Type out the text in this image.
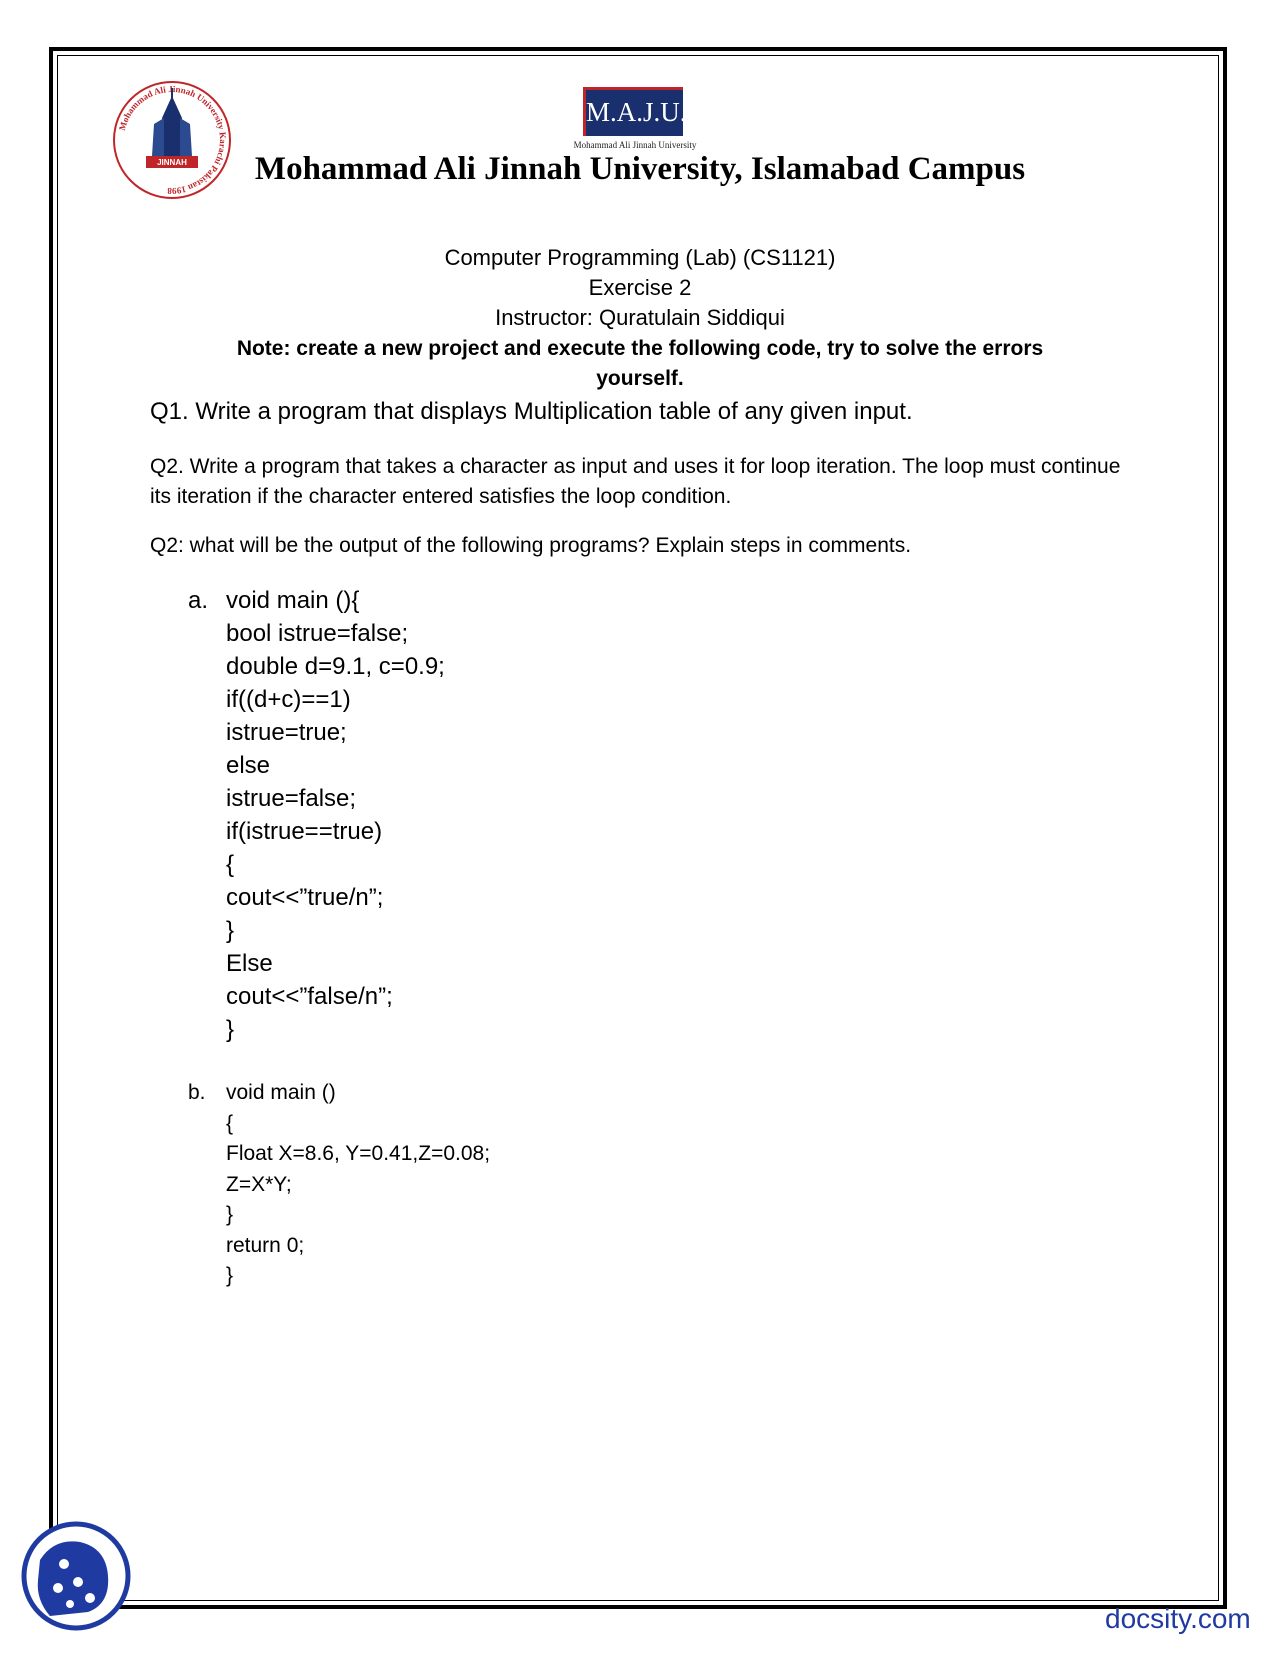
Mohammad Ali Jinnah University Karachi Pakistan 1998
JINNAH
M.A.J.U.
Mohammad Ali Jinnah University
Mohammad Ali Jinnah University, Islamabad Campus
Computer Programming (Lab) (CS1121)
Exercise 2
Instructor: Quratulain Siddiqui
Note: create a new project and execute the following code, try to solve the errors
yourself.
Q1. Write a program that displays Multiplication table of any given input.
Q2. Write a program that takes a character as input and uses it for loop iteration. The loop must continue its iteration if the character entered satisfies the loop condition.
Q2: what will be the output of the following programs? Explain steps in comments.
a. void main (){
bool istrue=false;
double d=9.1, c=0.9;
if((d+c)==1)
istrue=true;
else
istrue=false;
if(istrue==true)
{
cout<<”true/n”;
}
Else
cout<<”false/n”;
}
b. void main ()
{
Float X=8.6, Y=0.41,Z=0.08;
Z=X*Y;
}
return 0;
}
docsity.com
